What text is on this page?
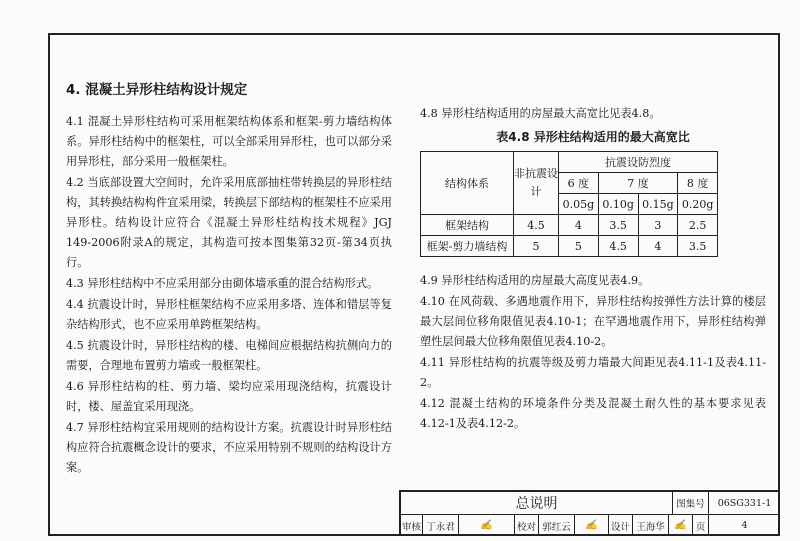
4. 混凝土异形柱结构设计规定
4.1 混凝土异形柱结构可采用框架结构体系和框架-剪力墙结构体系。异形柱结构中的框架柱，可以全部采用异形柱，也可以部分采用异形柱，部分采用一般框架柱。
4.2 当底部设置大空间时，允许采用底部抽柱带转换层的异形柱结构，其转换结构构件宜采用梁，转换层下部结构的框架柱不应采用异形柱。结构设计应符合《混凝土异形柱结构技术规程》JGJ 149-2006附录A的规定，其构造可按本图集第32页-第34页执行。
4.3 异形柱结构中不应采用部分由砌体墙承重的混合结构形式。
4.4 抗震设计时，异形柱框架结构不应采用多塔、连体和错层等复杂结构形式，也不应采用单跨框架结构。
4.5 抗震设计时，异形柱结构的楼、电梯间应根据结构抗侧向力的需要，合理地布置剪力墙或一般框架柱。
4.6 异形柱结构的柱、剪力墙、梁均应采用现浇结构，抗震设计时，楼、屋盖宜采用现浇。
4.7 异形柱结构宜采用规则的结构设计方案。抗震设计时异形柱结构应符合抗震概念设计的要求，不应采用特别不规则的结构设计方案。
4.8 异形柱结构适用的房屋最大高宽比见表4.8。
表4.8 异形柱结构适用的最大高宽比
结构体系	非抗震设计	抗震设防烈度			
		6 度	7 度		8 度
		0.05g	0.10g	0.15g	0.20g
框架结构	4.5	4	3.5	3	2.5
框架-剪力墙结构	5	5	4.5	4	3.5
4.9 异形柱结构适用的房屋最大高度见表4.9。
4.10 在风荷载、多遇地震作用下，异形柱结构按弹性方法计算的楼层最大层间位移角限值见表4.10-1；在罕遇地震作用下，异形柱结构弹塑性层间最大位移角限值见表4.10-2。
4.11 异形柱结构的抗震等级及剪力墙最大间距见表4.11-1及表4.11-2。
4.12 混凝土结构的环境条件分类及混凝土耐久性的基本要求见表4.12-1及表4.12-2。
总说明	图集号	06SG331-1
审核 丁永君	✍	校对 郭红云	✍ 设计 王海华 ✍ 页	4
